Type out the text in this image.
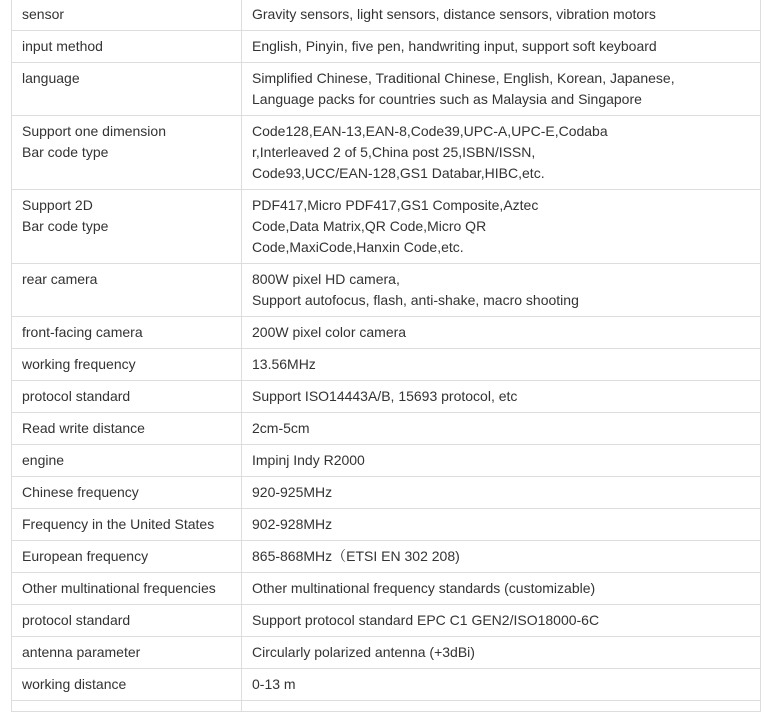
sensor	Gravity sensors, light sensors, distance sensors, vibration motors
input method	English, Pinyin, five pen, handwriting input, support soft keyboard
language	Simplified Chinese, Traditional Chinese, English, Korean, Japanese,
Language packs for countries such as Malaysia and Singapore
Support one dimension
Bar code type	Code128,EAN-13,EAN-8,Code39,UPC-A,UPC-E,Codaba
r,Interleaved 2 of 5,China post 25,ISBN/ISSN,
Code93,UCC/EAN-128,GS1 Databar,HIBC,etc.
Support 2D
Bar code type	PDF417,Micro PDF417,GS1 Composite,Aztec
Code,Data Matrix,QR Code,Micro QR
Code,MaxiCode,Hanxin Code,etc.
rear camera	800W pixel HD camera,
Support autofocus, flash, anti-shake, macro shooting
front-facing camera	200W pixel color camera
working frequency	13.56MHz
protocol standard	Support ISO14443A/B, 15693 protocol, etc
Read write distance	2cm-5cm
engine	Impinj Indy R2000
Chinese frequency	920-925MHz
Frequency in the United States	902-928MHz
European frequency	865-868MHz（ETSI EN 302 208)
Other multinational frequencies	Other multinational frequency standards (customizable)
protocol standard	Support protocol standard EPC C1 GEN2/ISO18000-6C
antenna parameter	Circularly polarized antenna (+3dBi)
working distance	0-13 m
